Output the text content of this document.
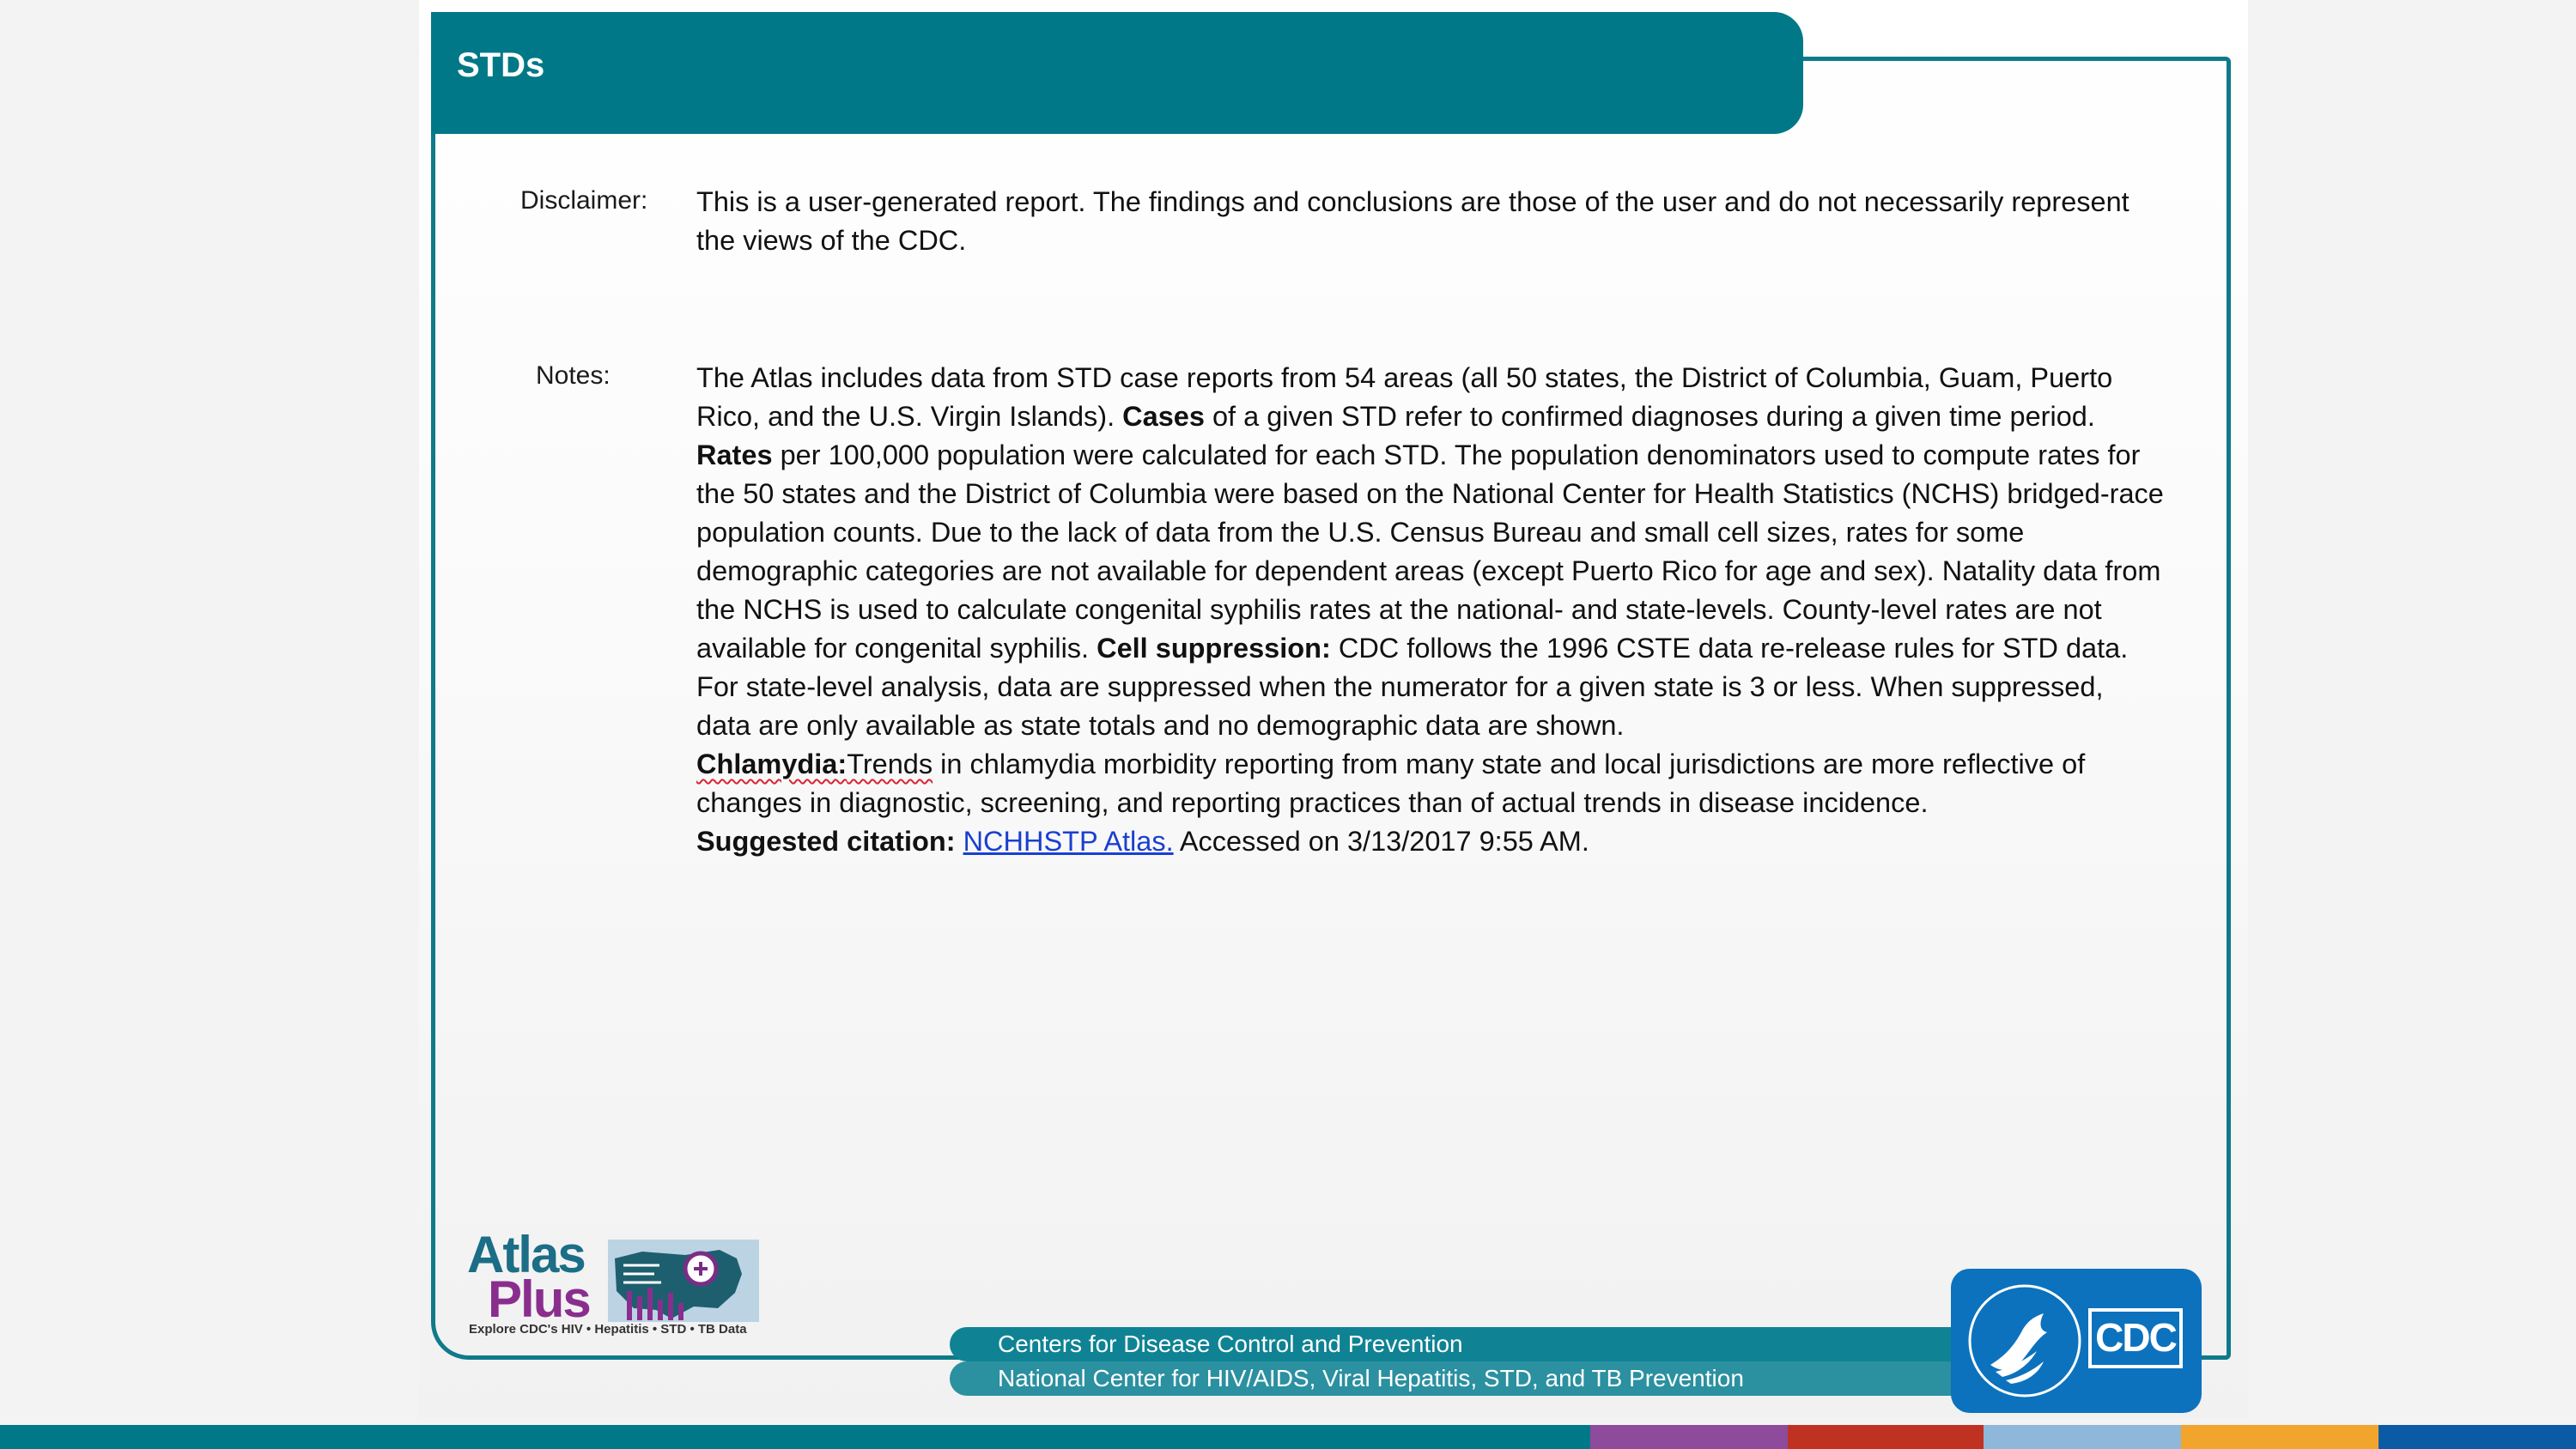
STDs
Disclaimer: This is a user-generated report. The findings and conclusions are those of the user and do not necessarily represent the views of the CDC.
Notes:	The Atlas includes data from STD case reports from 54 areas (all 50 states, the District of Columbia, Guam, Puerto Rico, and the U.S. Virgin Islands). Cases of a given STD refer to confirmed diagnoses during a given time period. Rates per 100,000 population were calculated for each STD. The population denominators used to compute rates for the 50 states and the District of Columbia were based on the National Center for Health Statistics (NCHS) bridged-race population counts. Due to the lack of data from the U.S. Census Bureau and small cell sizes, rates for some demographic categories are not available for dependent areas (except Puerto Rico for age and sex). Natality data from the NCHS is used to calculate congenital syphilis rates at the national- and state-levels. County-level rates are not available for congenital syphilis. Cell suppression: CDC follows the 1996 CSTE data re-release rules for STD data. For state-level analysis, data are suppressed when the numerator for a given state is 3 or less. When suppressed, data are only available as state totals and no demographic data are shown.
Chlamydia:Trends in chlamydia morbidity reporting from many state and local jurisdictions are more reflective of changes in diagnostic, screening, and reporting practices than of actual trends in disease incidence.
Suggested citation: NCHHSTP Atlas. Accessed on 3/13/2017 9:55 AM.
Atlas
Plus
Explore CDC's HIV • Hepatitis • STD • TB Data
Centers for Disease Control and Prevention
National Center for HIV/AIDS, Viral Hepatitis, STD, and TB Prevention
CDC
